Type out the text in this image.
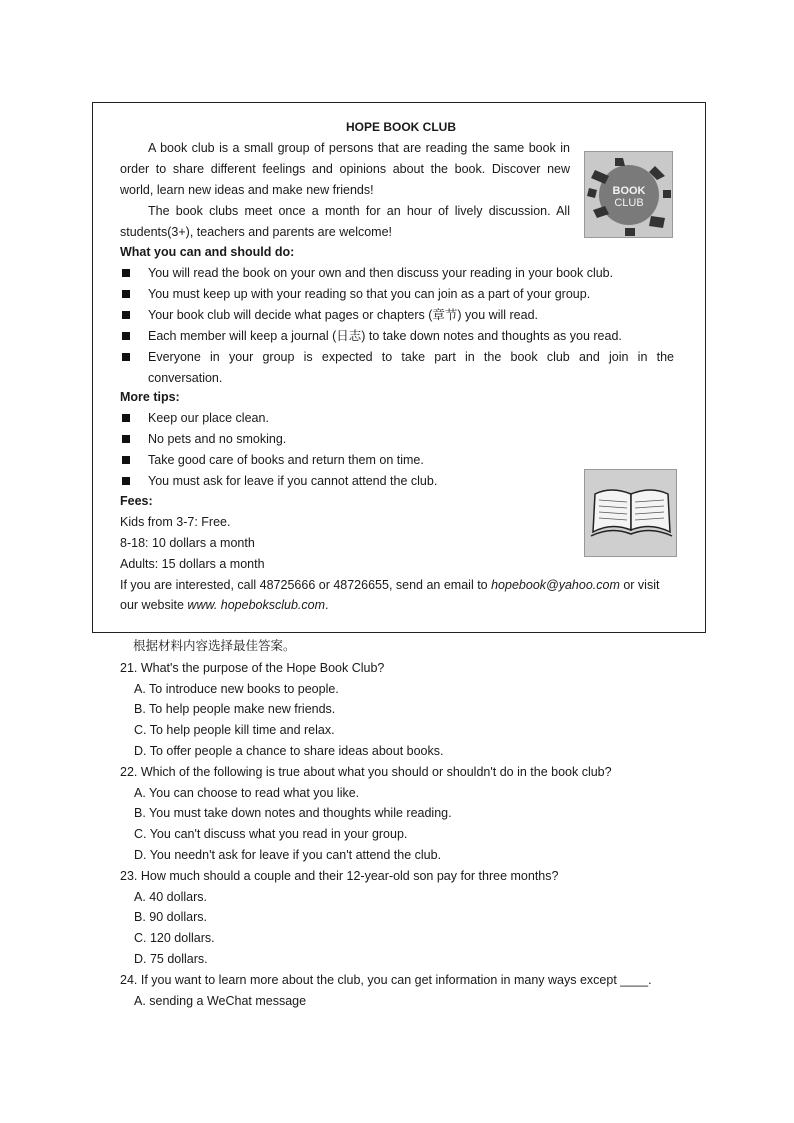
HOPE BOOK CLUB
A book club is a small group of persons that are reading the same book in
order to share different feelings and opinions about the book. Discover new
world, learn new ideas and make new friends!
The book clubs meet once a month for an hour of lively discussion. All
students(3+), teachers and parents are welcome!
BOOK
CLUB
What you can and should do:
You will read the book on your own and then discuss your reading in your book club.
You must keep up with your reading so that you can join as a part of your group.
Your book club will decide what pages or chapters (章节) you will read.
Each member will keep a journal (日志) to take down notes and thoughts as you read.
Everyone in your group is expected to take part in the book club and join in the
conversation.
More tips:
Keep our place clean.
No pets and no smoking.
Take good care of books and return them on time.
You must ask for leave if you cannot attend the club.
Fees:
Kids from 3-7: Free.
8-18: 10 dollars a month
Adults: 15 dollars a month
If you are interested, call 48725666 or 48726655, send an email to hopebook@yahoo.com or visit
our website www. hopeboksclub.com.
根据材料内容选择最佳答案。
21. What's the purpose of the Hope Book Club?
A. To introduce new books to people.
B. To help people make new friends.
C. To help people kill time and relax.
D. To offer people a chance to share ideas about books.
22. Which of the following is true about what you should or shouldn't do in the book club?
A. You can choose to read what you like.
B. You must take down notes and thoughts while reading.
C. You can't discuss what you read in your group.
D. You needn't ask for leave if you can't attend the club.
23. How much should a couple and their 12-year-old son pay for three months?
A. 40 dollars.
B. 90 dollars.
C. 120 dollars.
D. 75 dollars.
24. If you want to learn more about the club, you can get information in many ways except ____.
A. sending a WeChat message
